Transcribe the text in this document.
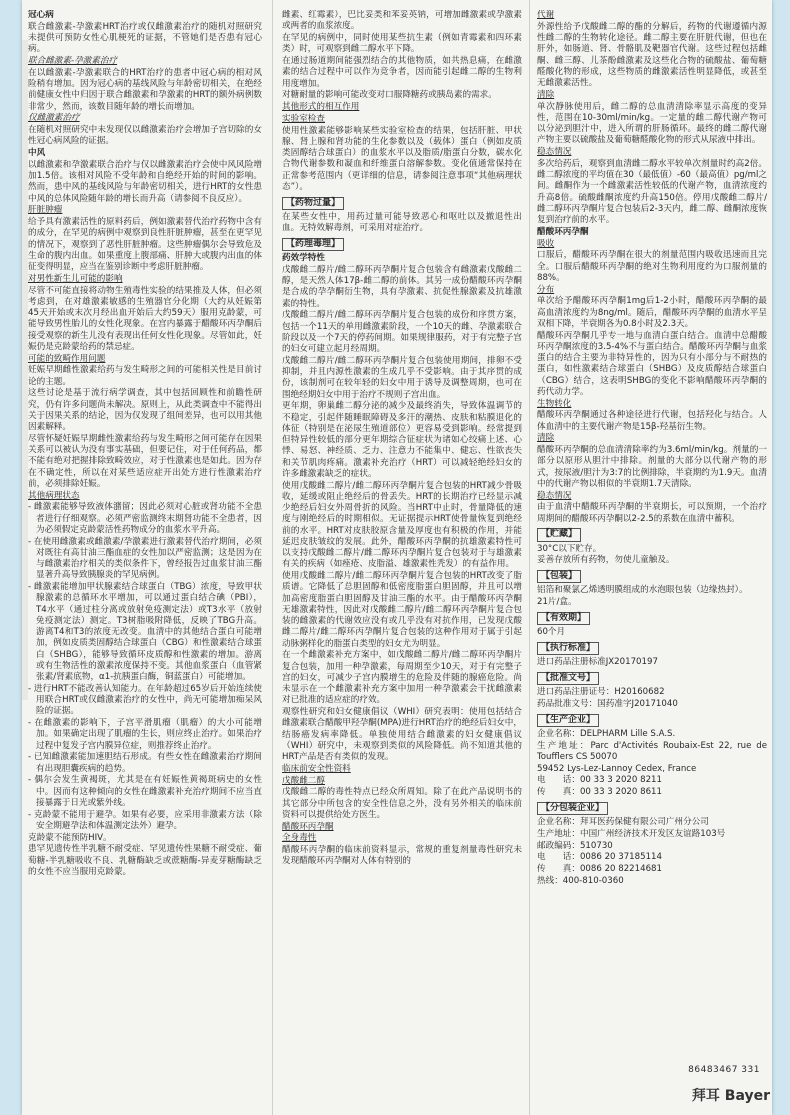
冠心病

联合雌激素-孕激素HRT治疗或仅雌激素治疗的随机对照研究未提供可预防女性心肌梗死的证据，不管她们是否患有冠心病。

联合雌激素-孕激素治疗

在以雌激素-孕激素联合的HRT治疗的患者中冠心病的相对风险稍有增加。因为冠心病的基线风险与年龄密切相关，在绝经前健康女性中归因于联合雌激素和孕激素的HRT的额外病例数非常少，然而，该数目随年龄的增长而增加。

仅雌激素治疗

在随机对照研究中未发现仅以雌激素治疗会增加子宫切除的女性冠心病风险的证据。

中风

以雌激素和孕激素联合治疗与仅以雌激素治疗会使中风风险增加1.5倍。该相对风险不受年龄和自绝经开始的时间的影响。然而，患中风的基线风险与年龄密切相关，进行HRT的女性患中风的总体风险随年龄的增长而升高（请参阅不良反应）。

肝脏肿瘤

给予具有激素活性的原料药后，例如激素替代治疗药物中含有的成分，在罕见的病例中观察到良性肝脏肿瘤，甚至在更罕见的情况下，观察到了恶性肝脏肿瘤。这些肿瘤偶尔会导致危及生命的腹内出血。如果重度上腹部痛、肝肿大或腹内出血的体征变得明显，应当在鉴别诊断中考虑肝脏肿瘤。

对男性新生儿可能的影响

尽管不可能直接将动物生殖毒性实验的结果推及人体，但必须考虑到，在对雄激素敏感的生殖器官分化期（大约从妊娠第45天开始或末次月经出血开始后大约59天）服用克龄蒙，可能导致男性胎儿的女性化现象。在宫内暴露于醋酸环丙孕酮后接受观察的新生儿没有表现出任何女性化现象。尽管如此，妊娠仍是克龄蒙给药的禁忌症。

可能的致畸作用问题

妊娠早期雌性激素给药与发生畸形之间的可能相关性是目前讨论的主题。

这些讨论是基于流行病学调查，其中包括回顾性和前瞻性研究，仍有许多问题尚未解决。原则上，从此类调查中不能得出关于因果关系的结论，因为仅发现了组间差异，也可以用其他因素解释。

尽管怀疑妊娠早期雌性激素给药与发生畸形之间可能存在因果关系可以被认为没有事实基础，但要记住，对于任何药品，都不能有绝对把握排除致畸效应，对于性激素也是如此。因为存在不确定性，所以在对某些适应症开出处方进行性激素治疗前，必须排除妊娠。

其他病理状态

- 雌激素能够导致液体潴留；因此必须对心脏或肾功能不全患者进行仔细观察。必须严密监测终末期肾功能不全患者，因为必须假定克龄蒙活性药物成分的血浆水平升高。

- 在使用雌激素或雌激素/孕激素进行激素替代治疗期间，必须对既往有高甘油三酯血症的女性加以严密监测；这是因为在与雌激素治疗相关的类似条件下，曾经报告过血浆甘油三酯显著升高导致胰腺炎的罕见病例。

- 雌激素能增加甲状腺素结合球蛋白（TBG）浓度，导致甲状腺激素的总循环水平增加，可以通过蛋白结合碘（PBI），T4水平（通过柱分离或放射免疫测定法）或T3水平（放射免疫测定法）测定。T3树脂吸附降低，反映了TBG升高。游离T4和T3的浓度无改变。血清中的其他结合蛋白可能增加，例如皮质类固醇结合球蛋白（CBG）和性激素结合球蛋白（SHBG），能够导致循环皮质醇和性激素的增加。游离或有生物活性的激素浓度保持不变。其他血浆蛋白（血管紧张素/肾素底物，α1-抗胰蛋白酶，铜蓝蛋白）可能增加。

- 进行HRT不能改善认知能力。在年龄超过65岁后开始连续使用联合HRT或仅雌激素治疗的女性中，尚无可能增加痴呆风险的证据。

- 在雌激素的影响下，子宫平滑肌瘤（肌瘤）的大小可能增加。如果确定出现了肌瘤的生长，则应终止治疗。如果治疗过程中复发子宫内膜异位症，则推荐终止治疗。

- 已知雌激素能加速胆结石形成。有些女性在雌激素治疗期间有出现胆囊疾病的趋势。

- 偶尔会发生黄褐斑，尤其是在有妊娠性黄褐斑病史的女性中。因而有这种倾向的女性在雌激素补充治疗期间不应当直接暴露于日光或紫外线。

- 克龄蒙不能用于避孕。如果有必要，应采用非激素方法（除安全期避孕法和体温测定法外）避孕。

克龄蒙不能预防HIV。

患罕见遗传性半乳糖不耐受症、罕见遗传性果糖不耐受症、葡萄糖-半乳糖吸收不良、乳糖酶缺乏或蔗糖酶-异麦芽糖酶缺乏的女性不应当服用克龄蒙。

雌素、红霉素），巴比妥类和苯妥英钠，可增加雌激素或孕激素或两者的血浆浓度。

在罕见的病例中，同时使用某些抗生素（例如青霉素和四环素类）时，可观察到雌二醇水平下降。

在通过肠道期间能强烈结合的其他物质，如共热息痛，在雌激素的结合过程中可以作为竞争者，因而能引起雌二醇的生物利用度增加。

对糖耐量的影响可能改变对口服降糖药或胰岛素的需求。

其他形式的相互作用

实验室检查

使用性激素能够影响某些实验室检查的结果，包括肝脏、甲状腺、肾上腺和肾功能的生化参数以及（载体）蛋白（例如皮质类固醇结合球蛋白）的血浆水平以及脂质/脂蛋白分数，碳水化合物代谢参数和凝血和纤维蛋白溶解参数。变化值通常保持在正常参考范围内（更详细的信息，请参阅注意事项“其他病理状态”）。

【药物过量】

在某些女性中，用药过量可能导致恶心和呕吐以及撤退性出血。无特效解毒剂，可采用对症治疗。

【药理毒理】

药效学特性

戊酸雌二醇片/雌二醇环丙孕酮片复合包装含有雌激素戊酸雌二醇，是天然人体17β-雌二醇的前体。其另一成份醋酸环丙孕酮是合成的孕孕酮衍生物，具有孕激素、抗促性腺激素及抗雄激素的特性。

戊酸雌二醇片/雌二醇环丙孕酮片复合包装的成份和序贯方案，包括一个11天的单用雌激素阶段，一个10天的雌、孕激素联合阶段以及一个7天的停药间期。如果规律服药，对于有完整子宫的妇女可建立起月经周期。

戊酸雌二醇片/雌二醇环丙孕酮片复合包装使用期间，排卵不受抑制，并且内源性激素的生成几乎不受影响。由于其序贯的成份，该制剂可在较年轻的妇女中用于诱导及调整周期，也可在围绝经期妇女中用于治疗不规则子宫出血。

更年期，卵巢雌二醇分泌的减少及最终消失，导致体温调节的不稳定，引起伴随睡眠障碍及多汗的潮热、皮肤和粘膜退化的体征（特别是在泌尿生殖道部位）更容易受到影响。经常提到但特异性较低的部分更年期综合征症状为诸如心绞痛上述、心悸、易怒、神经质、乏力、注意力不能集中、健忘、性欲丧失和关节肌肉疼痛。激素补充治疗（HRT）可以减轻绝经妇女的许多雌激素缺乏的症状。

使用戊酸雌二醇片/雌二醇环丙孕酮片复合包装的HRT减少骨吸收，延缓或阻止绝经后的骨丢失。HRT的长期治疗已经显示减少绝经后妇女外周骨折的风险。当HRT中止时，骨量降低的速度与刚绝经后的时期相似。无证据提示HRT使骨量恢复到绝经前的水平。HRT对皮肤胶原含量及厚度也有积极的作用，并能延迟皮肤皱纹的发展。此外，醋酸环丙孕酮的抗雄激素特性可以支持戊酸雌二醇片/雌二醇环丙孕酮片复合包装对于与雄激素有关的疾病（如痤疮、皮脂溢、雄激素性秃发）的有益作用。

使用戊酸雌二醇片/雌二醇环丙孕酮片复合包装的HRT改变了脂质谱。它降低了总胆固醇和低密度脂蛋白胆固醇，并且可以增加高密度脂蛋白胆固醇及甘油三酯的水平。由于醋酸环丙孕酮无雄激素特性，因此对戊酸雌二醇片/雌二醇环丙孕酮片复合包装的雌激素的代谢效应没有或几乎没有对抗作用，已发现戊酸雌二醇片/雌二醇环丙孕酮片复合包装的这种作用对于属于引起动脉粥样化的脂蛋白类型的妇女尤为明显。

在一个雌激素补充方案中，如戊酸雌二醇片/雌二醇环丙孕酮片复合包装，加用一种孕激素，每周期至少10天，对于有完整子宫的妇女，可减少子宫内膜增生的危险及伴随的腺癌危险。尚未显示在一个雌激素补充方案中加用一种孕激素会干扰雌激素对已批准的适应症的疗效。

观察性研究和妇女健康倡议（WHI）研究表明：使用包括结合雌激素联合醋酸甲羟孕酮(MPA)进行HRT治疗的绝经后妇女中，结肠癌发病率降低。单独使用结合雌激素的妇女健康倡议（WHI）研究中，未观察到类似的风险降低。尚不知道其他的HRT产品是否有类似的发现。

临床前安全性资料

戊酸雌二醇

戊酸雌二醇的毒性特点已经众所周知。除了在此产品说明书的其它部分中所包含的安全性信息之外，没有另外相关的临床前资料可以提供给处方医生。

醋酸环丙孕酮

全身毒性

醋酸环丙孕酮的临床前资料显示，常规的重复剂量毒性研究未发现醋酸环丙孕酮对人体有特别的

代谢

外源性给予戊酸雌二醇的酯的分解后，药物的代谢遵循内源性雌二醇的生物转化途径。雌二醇主要在肝脏代谢，但也在肝外，如肠道、肾、骨骼肌及靶器官代谢。这些过程包括雌酮、雌三醇、儿茶酚雌激素及这些化合物的硫酸盐、葡萄糖醛酸化物的形成，这些物质的雌激素活性明显降低，或甚至无雌激素活性。

清除

单次静脉使用后，雌二醇的总血清清除率显示高度的变异性，范围在10-30ml/min/kg。一定量的雌二醇代谢产物可以分泌到胆汁中，进入所谓的肝肠循环。最终的雌二醇代谢产物主要以硫酸盐及葡萄糖醛酸化物的形式从尿液中排出。

稳态情况

多次给药后，观察到血清雌二醇水平较单次剂量时约高2倍。雌二醇浓度的平均值在30（最低值）-60（最高值）pg/ml之间。雌酮作为一个雌激素活性较低的代谢产物，血清浓度约升高8倍。硫酸雌酮浓度约升高150倍。停用戊酸雌二醇片/雌二醇环丙孕酮片复合包装后2-3天内，雌二醇、雌酮浓度恢复到治疗前的水平。

醋酸环丙孕酮

吸收

口服后，醋酸环丙孕酮在很大的剂量范围内吸收迅速而且完全。口服后醋酸环丙孕酮的绝对生物利用度约为口服剂量的88%。

分布

单次给予醋酸环丙孕酮1mg后1-2小时，醋酸环丙孕酮的最高血清浓度约为8ng/ml。随后，醋酸环丙孕酮的血清水平呈双相下降，半衰期各为0.8小时及2.3天。

醋酸环丙孕酮几乎专一地与血清白蛋白结合。血清中总醋酸环丙孕酮浓度的3.5-4%不与蛋白结合。醋酸环丙孕酮与血浆蛋白的结合主要为非特异性的，因为只有小部分与不耐热的蛋白，如性激素结合球蛋白（SHBG）及皮质醇结合球蛋白（CBG）结合，这表明SHBG的变化不影响醋酸环丙孕酮的药代动力学。

生物转化

醋酸环丙孕酮通过各种途径进行代谢，包括羟化与结合。人体血清中的主要代谢产物是15β-羟基衍生物。

清除

醋酸环丙孕酮的总血清清除率约为3.6ml/min/kg。剂量的一部分以原形从胆汁中排除。剂量的大部分以代谢产物的形式，按尿液/胆汁为3:7的比例排除，半衰期约为1.9天。血清中的代谢产物以相似的半衰期1.7天清除。

稳态情况

由于血清中醋酸环丙孕酮的半衰期长，可以预期，一个治疗周期间的醋酸环丙孕酮以2-2.5的系数在血清中蓄积。

【贮藏】

30°C以下贮存。

妥善存放所有药物，勿使儿童触及。

【包装】

铝箔和聚氯乙烯透明膜组成的水泡眼包装（边缘热封）。

21片/盒。

【有效期】

60个月

【执行标准】

进口药品注册标准JX20170197

【批准文号】

进口药品注册证号：H20160682

药品批准文号：国药准字J20171040

【生产企业】

企业名称：DELPHARM Lille S.A.S.

生产地址：Parc d'Activités Roubaix-Est 22, rue de Toufflers CS 50070

59452 Lys-Lez-Lannoy Cedex, France

电　　话：00 33 3 2020 8211

传　　真：00 33 3 2020 8611

【分包装企业】

企业名称：拜耳医药保健有限公司广州分公司

生产地址：中国广州经济技术开发区友谊路103号

邮政编码：510730

电　　话：0086 20 37185114

传　　真：0086 20 82214681

热线：400-810-0360

86483467 331
拜耳 Bayer
